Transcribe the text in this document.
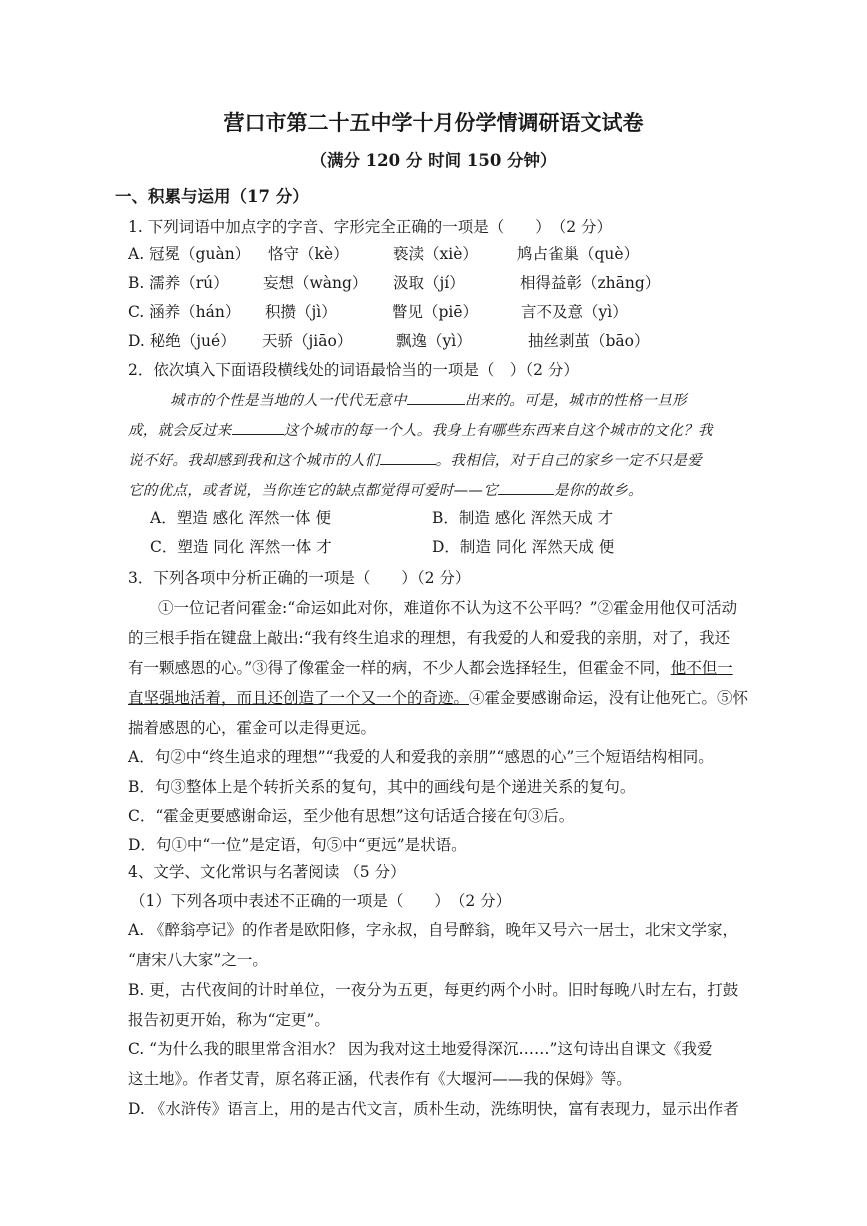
营口市第二十五中学十月份学情调研语文试卷
（满分 120 分 时间 150 分钟）
一、积累与运用（17 分）
1. 下列词语中加点字的字音、字形完全正确的一项是（　　）　（2 分）
A. 冠冕（guàn） 恪守（kè）	亵渎（xiè）	鸠占雀巢（què）
B. 濡养（rú） 妄想（wàng） 汲取（jí）	相得益彰（zhāng）
C. 涵养（hán） 积攒（jì）	瞥见（piē）	言不及意（yì）
D. 秘绝（jué） 天骄（jiāo）	飘逸（yì）	抽丝剥茧（bāo）
2．依次填入下面语段横线处的词语最恰当的一项是（　）（2 分）
城市的个性是当地的人一代代无意中	出来的。可是，城市的性格一旦形
成，就会反过来	这个城市的每一个人。我身上有哪些东西来自这个城市的文化？我
说不好。我却感到我和这个城市的人们	。我相信，对于自己的家乡一定不只是爱
它的优点，或者说，当你连它的缺点都觉得可爱时——它	是你的故乡。
A．塑造 感化 浑然一体 便	B．制造 感化 浑然天成 才
C．塑造 同化 浑然一体 才	D．制造 同化 浑然天成 便
3．下列各项中分析正确的一项是（　　）（2 分）
①一位记者问霍金:“命运如此对你，难道你不认为这不公平吗？”②霍金用他仅可活动
的三根手指在键盘上敲出:“我有终生追求的理想，有我爱的人和爱我的亲朋，对了，我还
有一颗感恩的心。”③得了像霍金一样的病，不少人都会选择轻生，但霍金不同，他不但一
直坚强地活着，而且还创造了一个又一个的奇迹。④霍金要感谢命运，没有让他死亡。⑤怀
揣着感恩的心，霍金可以走得更远。
A．句②中“终生追求的理想”“我爱的人和爱我的亲朋”“感恩的心”三个短语结构相同。
B．句③整体上是个转折关系的复句，其中的画线句是个递进关系的复句。
C．“霍金更要感谢命运，至少他有思想”这句话适合接在句③后。
D．句①中“一位”是定语，句⑤中“更远”是状语。
4、文学、文化常识与名著阅读 （5 分）
（1）下列各项中表述不正确的一项是（　　）　（2 分）
A. 《醉翁亭记》的作者是欧阳修，字永叔，自号醉翁，晚年又号六一居士，北宋文学家，
“唐宋八大家”之一。
B. 更，古代夜间的计时单位，一夜分为五更，每更约两个小时。旧时每晚八时左右，打鼓
报告初更开始，称为“定更”。
C. “为什么我的眼里常含泪水？ 因为我对这土地爱得深沉……”这句诗出自课文《我爱
这土地》。作者艾青，原名蒋正涵，代表作有《大堰河——我的保姆》等。
D. 《水浒传》语言上，用的是古代文言，质朴生动，洗练明快，富有表现力，显示出作者
